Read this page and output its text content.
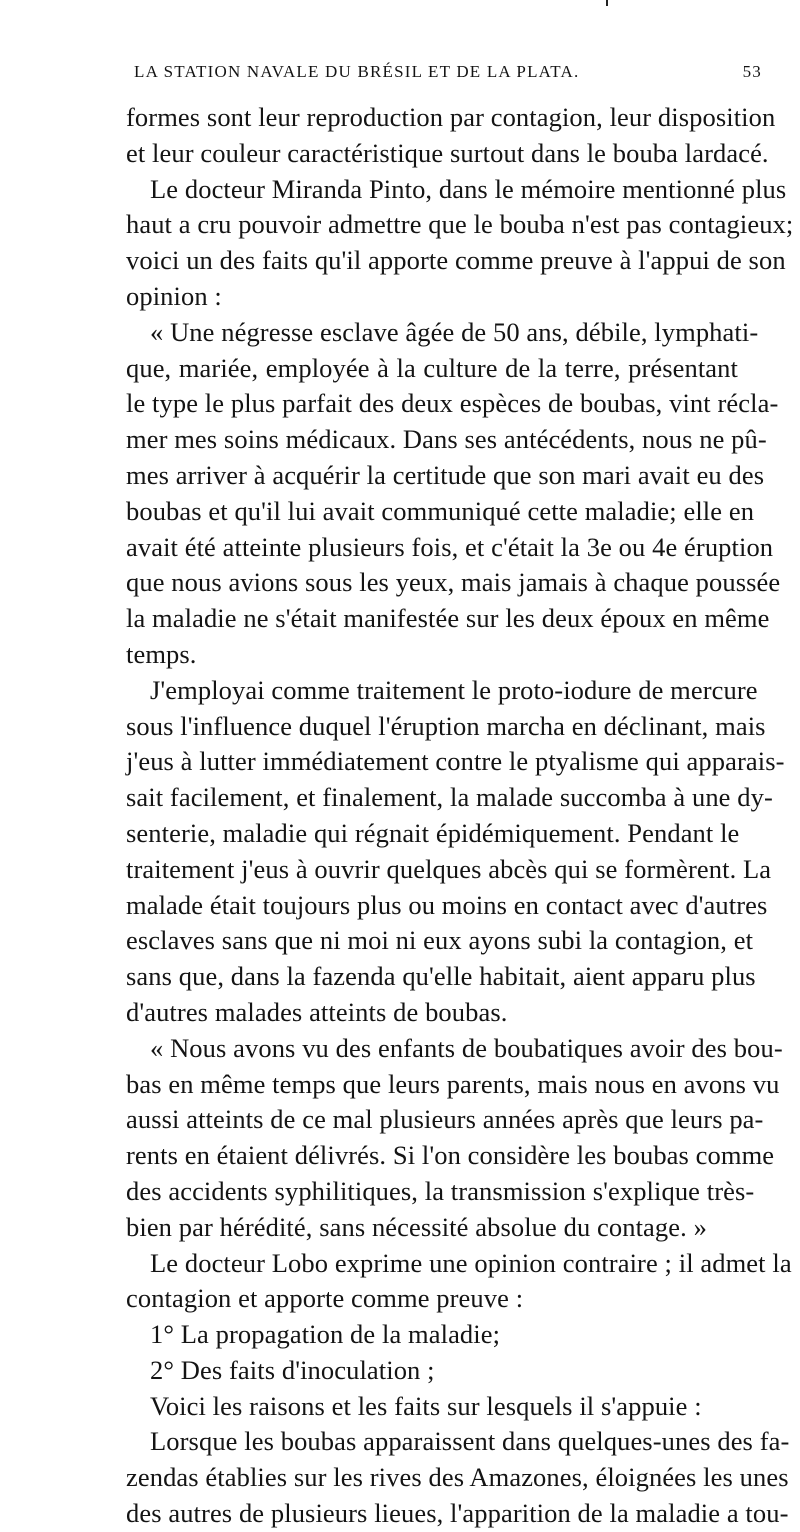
LA STATION NAVALE DU BRÉSIL ET DE LA PLATA.	53
formes sont leur reproduction par contagion, leur disposition
et leur couleur caractéristique surtout dans le bouba lardacé.
Le docteur Miranda Pinto, dans le mémoire mentionné plus
haut a cru pouvoir admettre que le bouba n'est pas contagieux;
voici un des faits qu'il apporte comme preuve à l'appui de son
opinion :
« Une négresse esclave âgée de 50 ans, débile, lymphati-
que, mariée, employée à la culture de la terre, présentant
le type le plus parfait des deux espèces de boubas, vint récla-
mer mes soins médicaux. Dans ses antécédents, nous ne pû-
mes arriver à acquérir la certitude que son mari avait eu des
boubas et qu'il lui avait communiqué cette maladie; elle en
avait été atteinte plusieurs fois, et c'était la 3e ou 4e éruption
que nous avions sous les yeux, mais jamais à chaque poussée
la maladie ne s'était manifestée sur les deux époux en même
temps.
J'employai comme traitement le proto-iodure de mercure
sous l'influence duquel l'éruption marcha en déclinant, mais
j'eus à lutter immédiatement contre le ptyalisme qui apparais-
sait facilement, et finalement, la malade succomba à une dy-
senterie, maladie qui régnait épidémiquement. Pendant le
traitement j'eus à ouvrir quelques abcès qui se formèrent. La
malade était toujours plus ou moins en contact avec d'autres
esclaves sans que ni moi ni eux ayons subi la contagion, et
sans que, dans la fazenda qu'elle habitait, aient apparu plus
d'autres malades atteints de boubas.
« Nous avons vu des enfants de boubatiques avoir des bou-
bas en même temps que leurs parents, mais nous en avons vu
aussi atteints de ce mal plusieurs années après que leurs pa-
rents en étaient délivrés. Si l'on considère les boubas comme
des accidents syphilitiques, la transmission s'explique très-
bien par hérédité, sans nécessité absolue du contage. »
Le docteur Lobo exprime une opinion contraire ; il admet la
contagion et apporte comme preuve :
1° La propagation de la maladie;
2° Des faits d'inoculation ;
Voici les raisons et les faits sur lesquels il s'appuie :
Lorsque les boubas apparaissent dans quelques-unes des fa-
zendas établies sur les rives des Amazones, éloignées les unes
des autres de plusieurs lieues, l'apparition de la maladie a tou-
